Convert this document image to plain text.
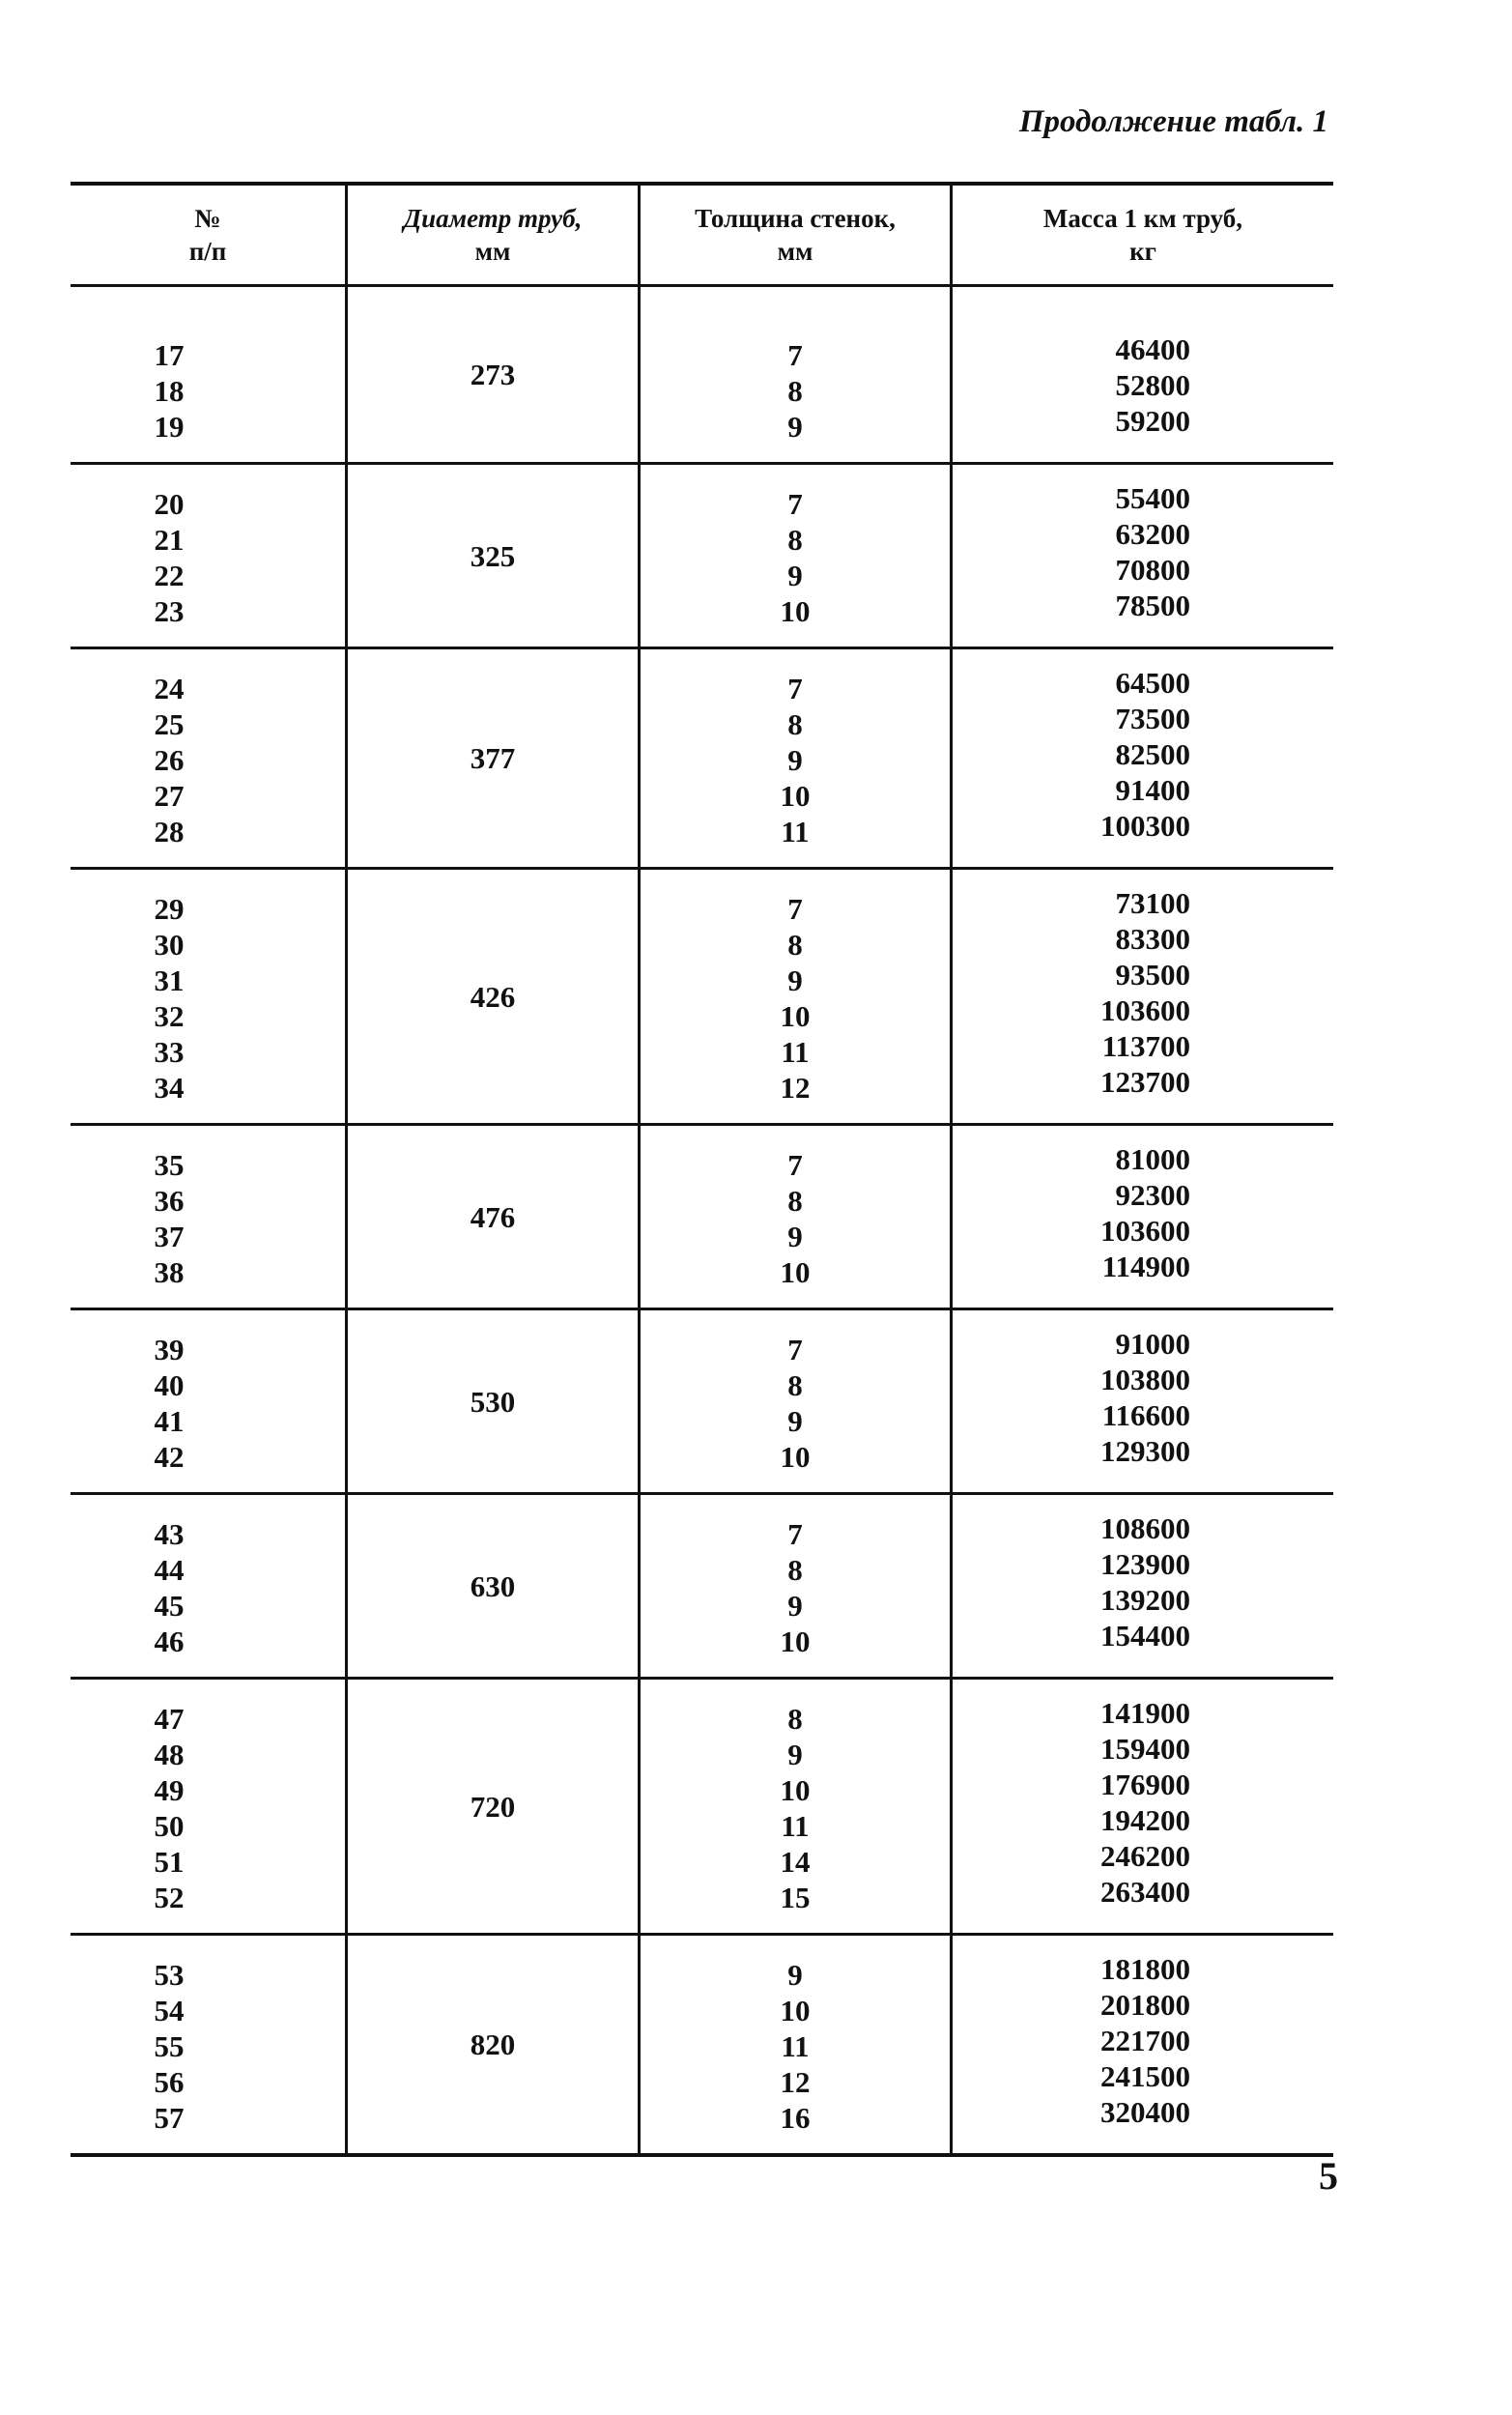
Продолжение табл. 1
№
п/п
Диаметр труб,
мм
Толщина стенок,
мм
Масса 1 км труб,
кг
17
18
19
273
7
8
9
46400
52800
59200
20
21
22
23
325
7
8
9
10
55400
63200
70800
78500
24
25
26
27
28
377
7
8
9
10
11
64500
73500
82500
91400
100300
29
30
31
32
33
34
426
7
8
9
10
11
12
73100
83300
93500
103600
113700
123700
35
36
37
38
476
7
8
9
10
81000
92300
103600
114900
39
40
41
42
530
7
8
9
10
91000
103800
116600
129300
43
44
45
46
630
7
8
9
10
108600
123900
139200
154400
47
48
49
50
51
52
720
8
9
10
11
14
15
141900
159400
176900
194200
246200
263400
53
54
55
56
57
820
9
10
11
12
16
181800
201800
221700
241500
320400
5
